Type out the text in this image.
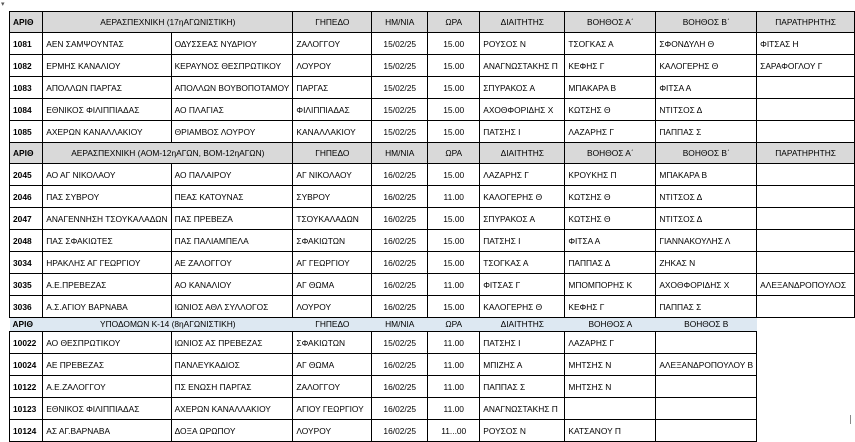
▾
ΑΡΙΘ	ΑΕΡΑΣΠΕΧΝΙΚΗ (17ηΑΓΩΝΙΣΤΙΚΗ)		ΓΗΠΕΔΟ	ΗΜ/ΝΙΑ	ΩΡΑ	ΔΙΑΙΤΗΤΗΣ	ΒΟΗΘΟΣ Α΄	ΒΟΗΘΟΣ Β΄	ΠΑΡΑΤΗΡΗΤΗΣ
1081	ΑΕΝ ΣΑΜΨΟΥΝΤΑΣ	ΟΔΥΣΣΕΑΣ ΝΥΔΡΙΟΥ	ΖΑΛΟΓΓΟΥ	15/02/25	15.00	ΡΟΥΣΟΣ Ν	ΤΣΟΓΚΑΣ Α	ΣΦΟΝΔΥΛΗ Θ	ΦΙΤΣΑΣ Η
1082	ΕΡΜΗΣ ΚΑΝΑΛΙΟΥ	ΚΕΡΑΥΝΟΣ ΘΕΣΠΡΩΤΙΚΟΥ	ΛΟΥΡΟΥ	15/02/25	15.00	ΑΝΑΓΝΩΣΤΑΚΗΣ Π	ΚΕΦΗΣ Γ	ΚΑΛΟΓΕΡΗΣ Θ	ΣΑΡΑΦΟΓΛΟΥ Γ
1083	ΑΠΟΛΛΩΝ ΠΑΡΓΑΣ	ΑΠΟΛΛΩΝ ΒΟΥΒΟΠΟΤΑΜΟΥ	ΠΑΡΓΑΣ	15/02/25	15.00	ΣΠΥΡΑΚΟΣ Α	ΜΠΑΚΑΡΑ Β	ΦΙΤΣΑ Α	
1084	ΕΘΝΙΚΟΣ ΦΙΛΙΠΠΙΑΔΑΣ	ΑΟ ΠΛΑΓΙΑΣ	ΦΙΛΙΠΠΙΑΔΑΣ	15/02/25	15.00	ΑΧΟΘΦΟΡΙΔΗΣ Χ	ΚΩΤΣΗΣ Θ	ΝΤΙΤΣΟΣ Δ	
1085	ΑΧΕΡΩΝ ΚΑΝΑΛΛΑΚΙΟΥ	ΘΡΙΑΜΒΟΣ ΛΟΥΡΟΥ	ΚΑΝΑΛΛΑΚΙΟΥ	15/02/25	15.00	ΠΑΤΣΗΣ Ι	ΛΑΖΑΡΗΣ Γ	ΠΑΠΠΑΣ Σ	
ΑΡΙΘ	ΑΕΡΑΣΠΕΧΝΙΚΗ (ΑΟΜ-12ηΑΓΩΝ, ΒΟΜ-12ηΑΓΩΝ)		ΓΗΠΕΔΟ	ΗΜ/ΝΙΑ	ΩΡΑ	ΔΙΑΙΤΗΤΗΣ	ΒΟΗΘΟΣ Α΄	ΒΟΗΘΟΣ Β΄	ΠΑΡΑΤΗΡΗΤΗΣ
2045	ΑΟ ΑΓ ΝΙΚΟΛΑΟΥ	ΑΟ ΠΑΛΑΙΡΟΥ	ΑΓ ΝΙΚΟΛΑΟΥ	16/02/25	15.00	ΛΑΖΑΡΗΣ Γ	ΚΡΟΥΚΗΣ Π	ΜΠΑΚΑΡΑ Β	
2046	ΠΑΣ ΣΥΒΡΟΥ	ΠΕΑΣ ΚΑΤΟΥΝΑΣ	ΣΥΒΡΟΥ	16/02/25	11.00	ΚΑΛΟΓΕΡΗΣ Θ	ΚΩΤΣΗΣ Θ	ΝΤΙΤΣΟΣ Δ	
2047	ΑΝΑΓΕΝΝΗΣΗ ΤΣΟΥΚΑΛΑΔΩΝ	ΠΑΣ ΠΡΕΒΕΖΑ	ΤΣΟΥΚΑΛΑΔΩΝ	16/02/25	15.00	ΣΠΥΡΑΚΟΣ Α	ΚΩΤΣΗΣ Θ	ΝΤΙΤΣΟΣ Δ	
2048	ΠΑΣ ΣΦΑΚΙΩΤΕΣ	ΠΑΣ ΠΑΛΙΑΜΠΕΛΑ	ΣΦΑΚΙΩΤΩΝ	16/02/25	15.00	ΠΑΤΣΗΣ Ι	ΦΙΤΣΑ Α	ΓΙΑΝΝΑΚΟΥΛΗΣ Λ	
3034	ΗΡΑΚΛΗΣ ΑΓ ΓΕΩΡΓΙΟΥ	ΑΕ ΖΑΛΟΓΓΟΥ	ΑΓ ΓΕΩΡΓΙΟΥ	16/02/25	15.00	ΤΣΟΓΚΑΣ Α	ΠΑΠΠΑΣ Δ	ΖΗΚΑΣ Ν	
3035	Α.Ε.ΠΡΕΒΕΖΑΣ	ΑΟ ΚΑΝΑΛΙΟΥ	ΑΓ ΘΩΜΑ	16/02/25	11.00	ΦΙΤΣΑΣ Γ	ΜΠΟΜΠΟΡΗΣ Κ	ΑΧΟΘΦΟΡΙΔΗΣ Χ	ΑΛΕΞΑΝΔΡΟΠΟΥΛΟΣ
3036	Α.Σ.ΑΓΙΟΥ ΒΑΡΝΑΒΑ	ΙΩΝΙΟΣ ΑΘΛ ΣΥΛΛΟΓΟΣ	ΛΟΥΡΟΥ	16/02/25	15.00	ΚΑΛΟΓΕΡΗΣ Θ	ΚΕΦΗΣ Γ	ΠΑΠΠΑΣ Σ	
ΑΡΙΘ	ΥΠΟΔΟΜΩΝ Κ-14 (8ηΑΓΩΝΙΣΤΙΚΗ)		ΓΗΠΕΔΟ	ΗΜ/ΝΙΑ	ΩΡΑ	ΔΙΑΙΤΗΤΗΣ	ΒΟΗΘΟΣ Α	ΒΟΗΘΟΣ Β	
10022	ΑΟ ΘΕΣΠΡΩΤΙΚΟΥ	ΙΩΝΙΟΣ ΑΣ ΠΡΕΒΕΖΑΣ	ΣΦΑΚΙΩΤΩΝ	15/02/25	11.00	ΠΑΤΣΗΣ Ι	ΛΑΖΑΡΗΣ Γ		
10024	ΑΕ ΠΡΕΒΕΖΑΣ	ΠΑΝΛΕΥΚΑΔΙΟΣ	ΑΓ ΘΩΜΑ	16/02/25	11.00	ΜΠΙΖΗΣ Α	ΜΗΤΣΗΣ Ν	ΑΛΕΞΑΝΔΡΟΠΟΥΛΟΥ Β	
10122	Α.Ε.ΖΑΛΟΓΓΟΥ	ΠΣ ΕΝΩΣΗ ΠΑΡΓΑΣ	ΖΑΛΟΓΓΟΥ	16/02/25	11.00	ΠΑΠΠΑΣ Σ	ΜΗΤΣΗΣ Ν		
10123	ΕΘΝΙΚΟΣ ΦΙΛΙΠΠΙΑΔΑΣ	ΑΧΕΡΩΝ ΚΑΝΑΛΛΑΚΙΟΥ	ΑΓΙΟΥ ΓΕΩΡΓΙΟΥ	16/02/25	11.00	ΑΝΑΓΝΩΣΤΑΚΗΣ Π			
10124	ΑΣ ΑΓ.ΒΑΡΝΑΒΑ	ΔΟΞΑ ΩΡΩΠΟΥ	ΛΟΥΡΟΥ	16/02/25	11...00	ΡΟΥΣΟΣ Ν	ΚΑΤΣΑΝΟΥ Π		
